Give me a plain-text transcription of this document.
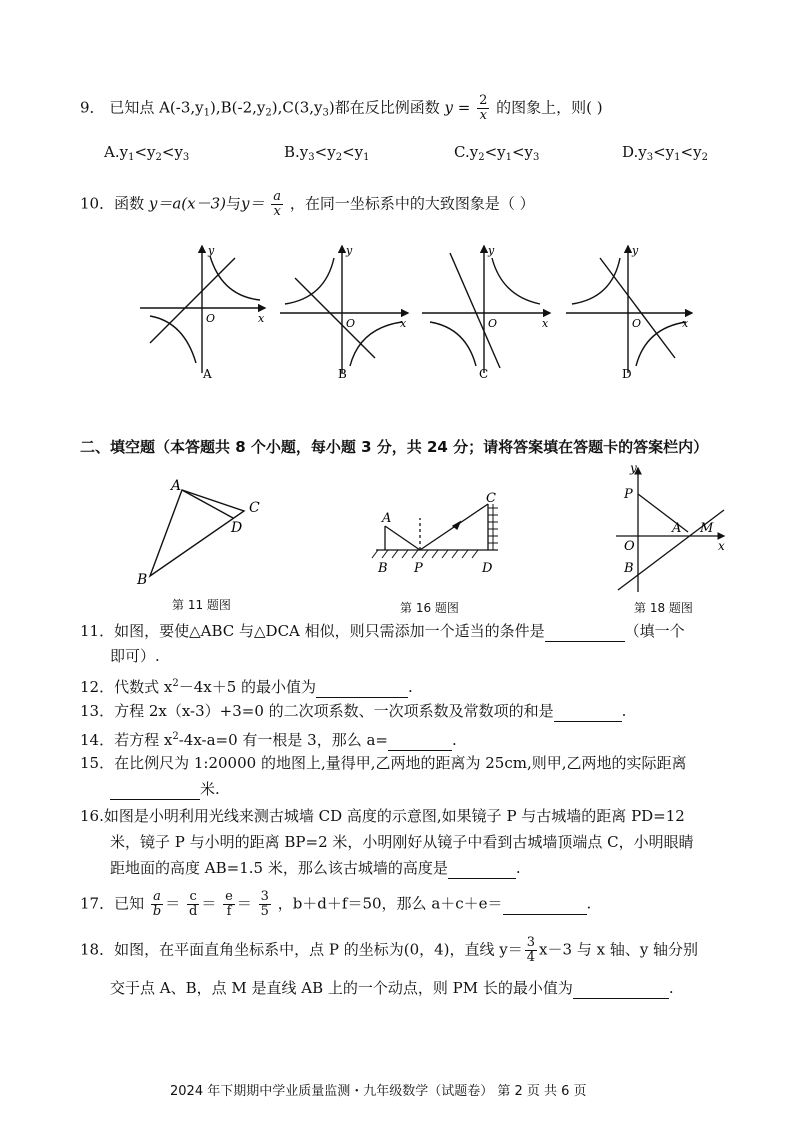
9． 已知点 $A(-3,y_1),B(-2,y_2),C(3,y_3)$都在反比例函数 $y = \frac{2}{x}$ 的图象上，则( )
$A.y_1<y_2<y_3$	$B.y_3<y_2<y_1$	$C.y_2<y_1<y_3$	$D.y_3<y_1<y_2$
10．函数 y＝a(x－3)与$y= \frac{a}{x}$ ，在同一坐标系中的大致图象是（ ）
A
y
x
O
B
y
x
O
C
y
x
O
D
y
x
O
二、填空题（本答题共 8 个小题，每小题 3 分，共 24 分；请将答案填在答题卡的答案栏内）
A
B
C
D
第 11 题图
A
B P	D
C
第 16 题图
y
x
P
O
B
A M
第 18 题图
11．如图，要使△ABC 与△DCA 相似，则只需添加一个适当的条件是	（填一个
即可）.
12．代数式 $x^2-4x+5$ 的最小值为	.
13．方程 2x（x-3）+3=0 的二次项系数、一次项系数及常数项的和是	.
14．若方程 $x^2-4x-a=0$ 有一根是 3，那么 a=	.
15．在比例尺为 1:20000 的地图上,量得甲,乙两地的距离为 25cm,则甲,乙两地的实际距离
米.
16.如图是小明利用光线来测古城墙 CD 高度的示意图,如果镜子 P 与古城墙的距离 PD=12
米，镜子 P 与小明的距离 BP=2 米，小明刚好从镜子中看到古城墙顶端点 C，小明眼睛
距地面的高度 AB=1.5 米，那么该古城墙的高度是	.
17．已知 $\frac{a}{b} = \frac{c}{d} = \frac{e}{f} = \frac{3}{5}$ ，b＋d＋f＝50，那么 a＋c＋e＝	.
18．如图，在平面直角坐标系中，点 P 的坐标为(0，4)，直线 $y= \frac{3}{4} x-3$ 与 x 轴、y 轴分别
交于点 A、B，点 M 是直线 AB 上的一个动点，则 PM 长的最小值为	.
2024 年下期期中学业质量监测・九年级数学（试题卷） 第 2 页 共 6 页
